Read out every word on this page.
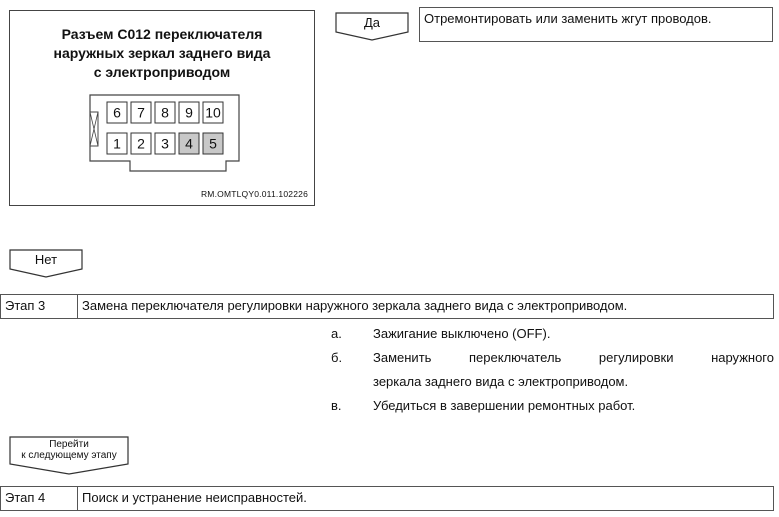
6 7 8 9 10
1 2 3 4 5
Разъем C012 переключателя
наружных зеркал заднего вида
с электроприводом
RM.OMTLQY0.011.102226
Да	Отремонтировать или заменить жгут проводов.
Нет
Этап 3	Замена переключателя регулировки наружного зеркала заднего вида с электроприводом.
а. Зажигание выключено (OFF).
б. Заменить переключатель регулировки наружного
зеркала заднего вида с электроприводом.
в. Убедиться в завершении ремонтных работ.
Перейти
к следующему этапу
Этап 4	Поиск и устранение неисправностей.
